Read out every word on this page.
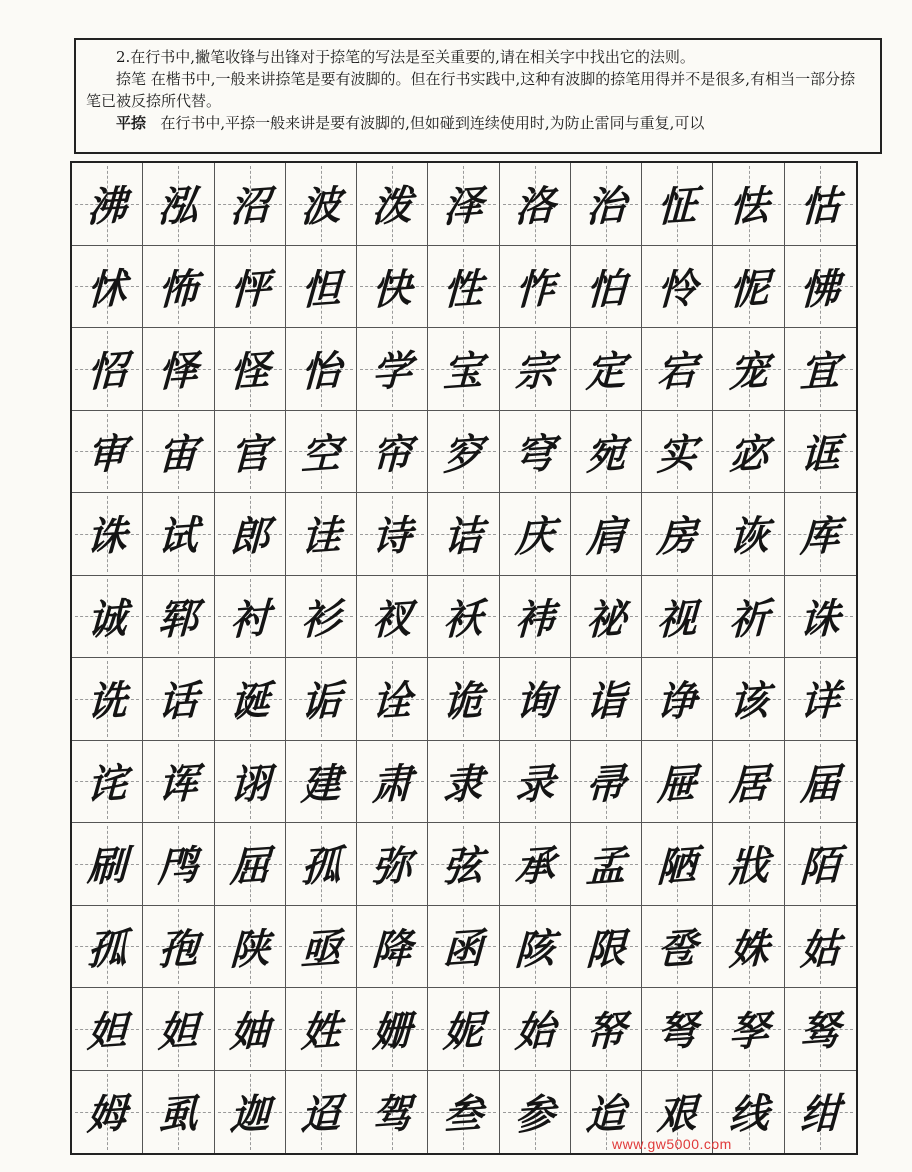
2.在行书中,撇笔收锋与出锋对于捺笔的写法是至关重要的,请在相关字中找出它的法则。

捺笔 在楷书中,一般来讲捺笔是要有波脚的。但在行书实践中,这种有波脚的捺笔用得并不是很多,有相当一部分捺笔已被反捺所代替。

平捺 在行书中,平捺一般来讲是要有波脚的,但如碰到连续使用时,为防止雷同与重复,可以

沸 泓 沼 波 泼 泽 洛 治 怔 怯 怙
怵 怖 怦 怛 快 性 怍 怕 怜 怩 怫
怊 怿 怪 怡 学 宝 宗 定 宕 宠 宜
审 宙 官 空 帘 穸 穹 宛 实 宓 诓
诛 试 郎 诖 诗 诘 庆 肩 房 诙 库
诚 郓 衬 衫 衩 袄 袆 祕 视 祈 诛
诜 话 诞 诟 诠 诡 询 诣 诤 该 详
诧 诨 诩 建 肃 隶 录 帚 屉 居 届
刷 鸤 屈 孤 弥 弦 承 孟 陋 戕 陌
孤 孢 陕 亟 降 函 陔 限 卺 姝 姑
妲 妲 妯 姓 姗 妮 始 帑 弩 孥 驽
姆 虱 迦 迢 驾 叁 参 迨 艰 线 绀
www.gw5000.com
